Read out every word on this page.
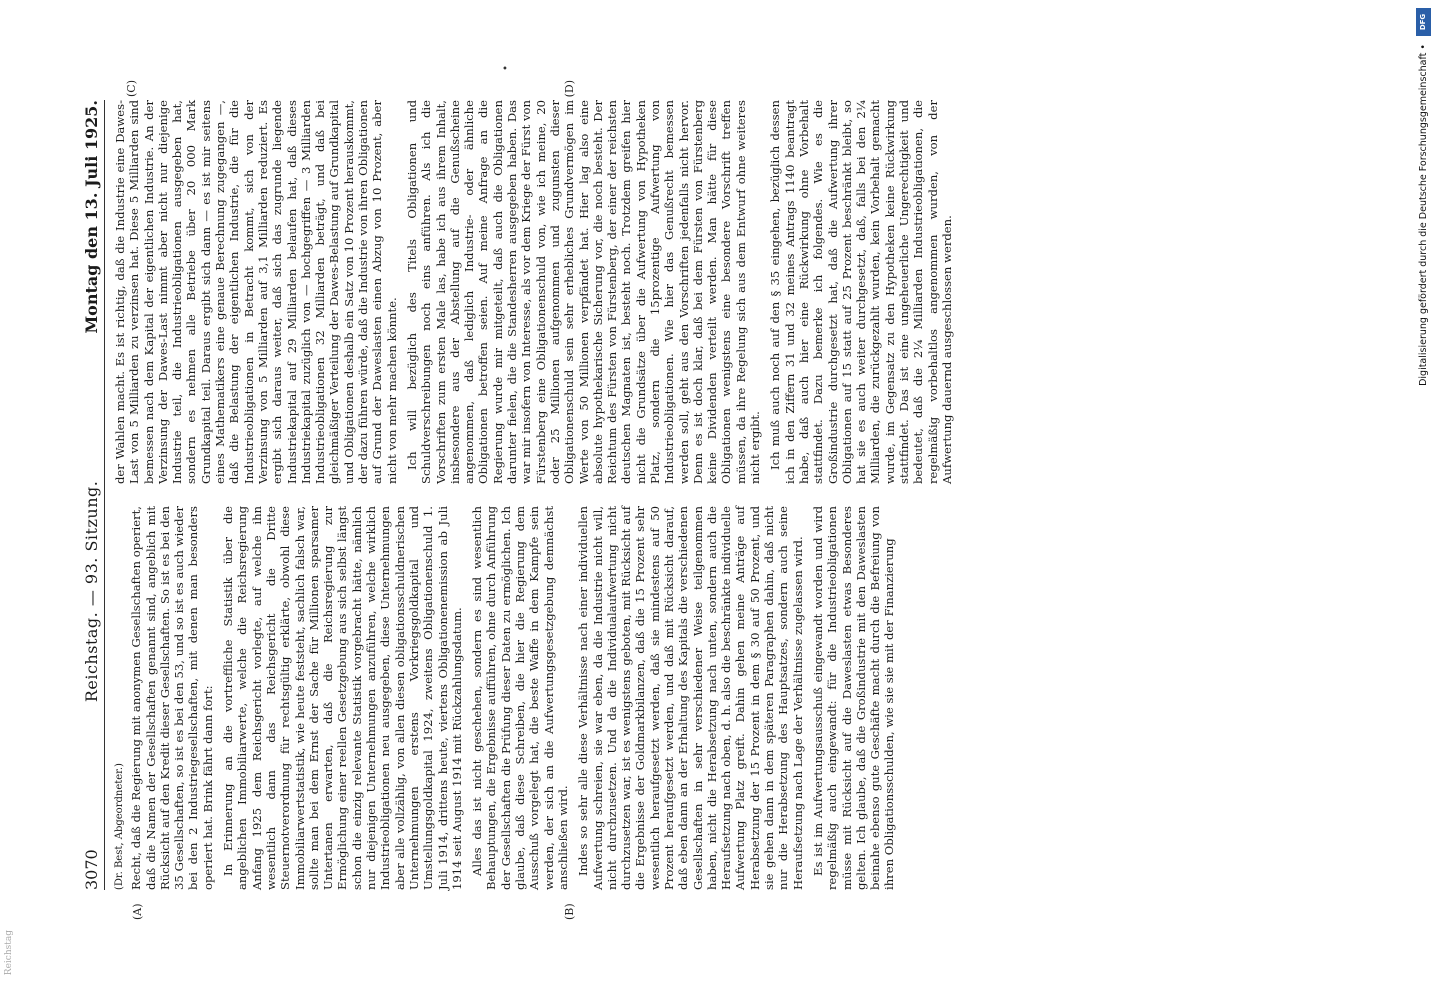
3070
Reichstag. — 93. Sitzung.
Montag den 13. Juli 1925.
(Dr. Best, Abgeordneter.) Recht, daß die Regierung mit anonymen Gesellschaften operiert, daß die Namen der Gesellschaften genannt sind, angeblich mit Rücksicht auf den Kredit dieser Gesellschaften. So ist es bei den 35 Gesellschaften, so ist es bei den 53, und so ist es auch wieder bei den 2 Industriegesellschaften, mit denen man besonders operiert hat. Brink fährt dann fort: In Erinnerung an die vortreffliche Statistik über die angeblichen Immobiliarwerte, welche die Reichsregierung Anfang 1925 dem Reichsgericht vorlegte, auf welche ihn wesentlich dann das Reichsgericht die Dritte Steuernotverordnung für rechtsgültig erklärte, obwohl diese Immobiliarwertstatistik, wie heute feststeht, sachlich falsch war, sollte man bei dem Ernst der Sache für Millionen sparsamer Untertanen erwarten, daß die Reichsregierung zur Ermöglichung einer reellen Gesetzgebung aus sich selbst längst schon die einzig relevante Statistik vorgebracht hätte, nämlich nur diejenigen Unternehmungen anzuführen, welche wirklich Industrieobligationen neu ausgegeben, diese Unternehmungen aber alle vollzählig, von allen diesen obligationsschuldnerischen Unternehmungen erstens Vorkriegsgoldkapital und Umstellungsgoldkapital 1924, zweitens Obligationenschuld 1. Juli 1914, drittens heute, viertens Obligationenemission ab Juli 1914 seit August 1914 mit Rückzahlungsdatum. Alles das ist nicht geschehen, sondern es sind wesentlich Behauptungen, die Ergebnisse aufführen, ohne durch Anführung der Gesellschaften die Prüfung dieser Daten zu ermöglichen. Ich glaube, daß diese Schreiben, die hier die Regierung dem Ausschuß vorgelegt hat, die beste Waffe in dem Kampfe sein werden, der sich an die Aufwertungsgesetzgebung demnächst anschließen wird. Indes so sehr alle diese Verhältnisse nach einer individuellen Aufwertung schreien, sie war eben, da die Industrie nicht will, nicht durchzusetzen. Und da die Individualaufwertung nicht durchzusetzen war, ist es wenigstens geboten, mit Rücksicht auf die Ergebnisse der Goldmarkbilanzen, daß die 15 Prozent sehr wesentlich heraufgesetzt werden, daß sie mindestens auf 50 Prozent heraufgesetzt werden, und daß mit Rücksicht darauf, daß eben dann an der Erhaltung des Kapitals die verschiedenen Gesellschaften in sehr verschiedener Weise teilgenommen haben, nicht die Herabsetzung nach unten, sondern auch die Heraufsetzung nach oben, d. h. also die beschränkte individuelle Aufwertung Platz greift. Dahin gehen meine Anträge auf Herabsetzung der 15 Prozent in dem § 30 auf 50 Prozent, und sie gehen dann in dem späteren Paragraphen dahin, daß nicht nur die Herabsetzung des Hauptsatzes, sondern auch seine Heraufsetzung nach Lage der Verhältnisse zugelassen wird. Es ist im Aufwertungsausschuß eingewandt worden und wird regelmäßig auch eingewandt: für die Industrieobligationen müsse mit Rücksicht auf die Daweslasten etwas Besonderes gelten. Ich glaube, daß die Großindustrie mit den Daweslasten beinahe ebenso gute Geschäfte macht durch die Befreiung von ihren Obligationsschulden, wie sie sie mit der Finanzierung

(A)	(B)

der Wahlen macht. Es ist richtig, daß die Industrie eine Dawes-Last von 5 Milliarden zu verzinsen hat. Diese 5 Milliarden sind bemessen nach dem Kapital der eigentlichen Industrie. An der Verzinsung der Dawes-Last nimmt aber nicht nur diejenige Industrie teil, die Industrieobligationen ausgegeben hat, sondern es nehmen alle Betriebe über 20 000 Mark Grundkapital teil. Daraus ergibt sich dann — es ist mir seitens eines Mathematikers eine genaue Berechnung zugegangen —, daß die Belastung der eigentlichen Industrie, die für die Industrieobligationen in Betracht kommt, sich von der Verzinsung von 5 Milliarden auf 3,1 Milliarden reduziert. Es ergibt sich daraus weiter, daß sich das zugrunde liegende Industriekapital auf 29 Milliarden belaufen hat, daß dieses Industriekapital zuzüglich von — hochgegriffen — 3 Milliarden Industrieobligationen 32 Milliarden beträgt, und daß bei gleichmäßiger Verteilung der Dawes-Belastung auf Grundkapital und Obligationen deshalb ein Satz von 10 Prozent herauskommt, der dazu führen würde, daß die Industrie von ihren Obligationen auf Grund der Daweslasten einen Abzug von 10 Prozent, aber nicht von mehr machen könnte. Ich will bezüglich des Titels Obligationen und Schuldverschreibungen noch eins anführen. Als ich die Vorschriften zum ersten Male las, habe ich aus ihrem Inhalt, insbesondere aus der Abstellung auf die Genußscheine angenommen, daß lediglich Industrie- oder ähnliche Obligationen betroffen seien. Auf meine Anfrage an die Regierung wurde mir mitgeteilt, daß auch die Obligationen darunter fielen, die die Standesherren ausgegeben haben. Das war mir insofern von Interesse, als vor dem Kriege der Fürst von Fürstenberg eine Obligationenschuld von, wie ich meine, 20 oder 25 Millionen aufgenommen und zugunsten dieser Obligationenschuld sein sehr erhebliches Grundvermögen im Werte von 50 Millionen verpfändet hat. Hier lag also eine absolute hypothekarische Sicherung vor, die noch besteht. Der Reichtum des Fürsten von Fürstenberg, der einer der reichsten deutschen Magnaten ist, besteht noch. Trotzdem greifen hier nicht die Grundsätze über die Aufwertung von Hypotheken Platz, sondern die 15prozentige Aufwertung von Industrieobligationen. Wie hier das Genußrecht bemessen werden soll, geht aus den Vorschriften jedenfalls nicht hervor. Denn es ist doch klar, daß bei dem Fürsten von Fürstenberg keine Dividenden verteilt werden. Man hätte für diese Obligationen wenigstens eine besondere Vorschrift treffen müssen, da ihre Regelung sich aus dem Entwurf ohne weiteres nicht ergibt. Ich muß auch noch auf den § 35 eingehen, bezüglich dessen ich in den Ziffern 31 und 32 meines Antrags 1140 beantragt habe, daß auch hier eine Rückwirkung ohne Vorbehalt stattfindet. Dazu bemerke ich folgendes. Wie es die Großindustrie durchgesetzt hat, daß die Aufwertung ihrer Obligationen auf 15 statt auf 25 Prozent beschränkt bleibt, so hat sie es auch weiter durchgesetzt, daß, falls bei den 2¼ Milliarden, die zurückgezahlt wurden, kein Vorbehalt gemacht wurde, im Gegensatz zu den Hypotheken keine Rückwirkung stattfindet. Das ist eine ungeheuerliche Ungerechtigkeit und bedeutet, daß die 2¼ Milliarden Industrieobligationen, die regelmäßig vorbehaltlos angenommen wurden, von der Aufwertung dauernd ausgeschlossen werden.

(C)	(D)
Reichstag
•
DFG
Digitalisierung gefördert durch die Deutsche Forschungsgemeinschaft •
